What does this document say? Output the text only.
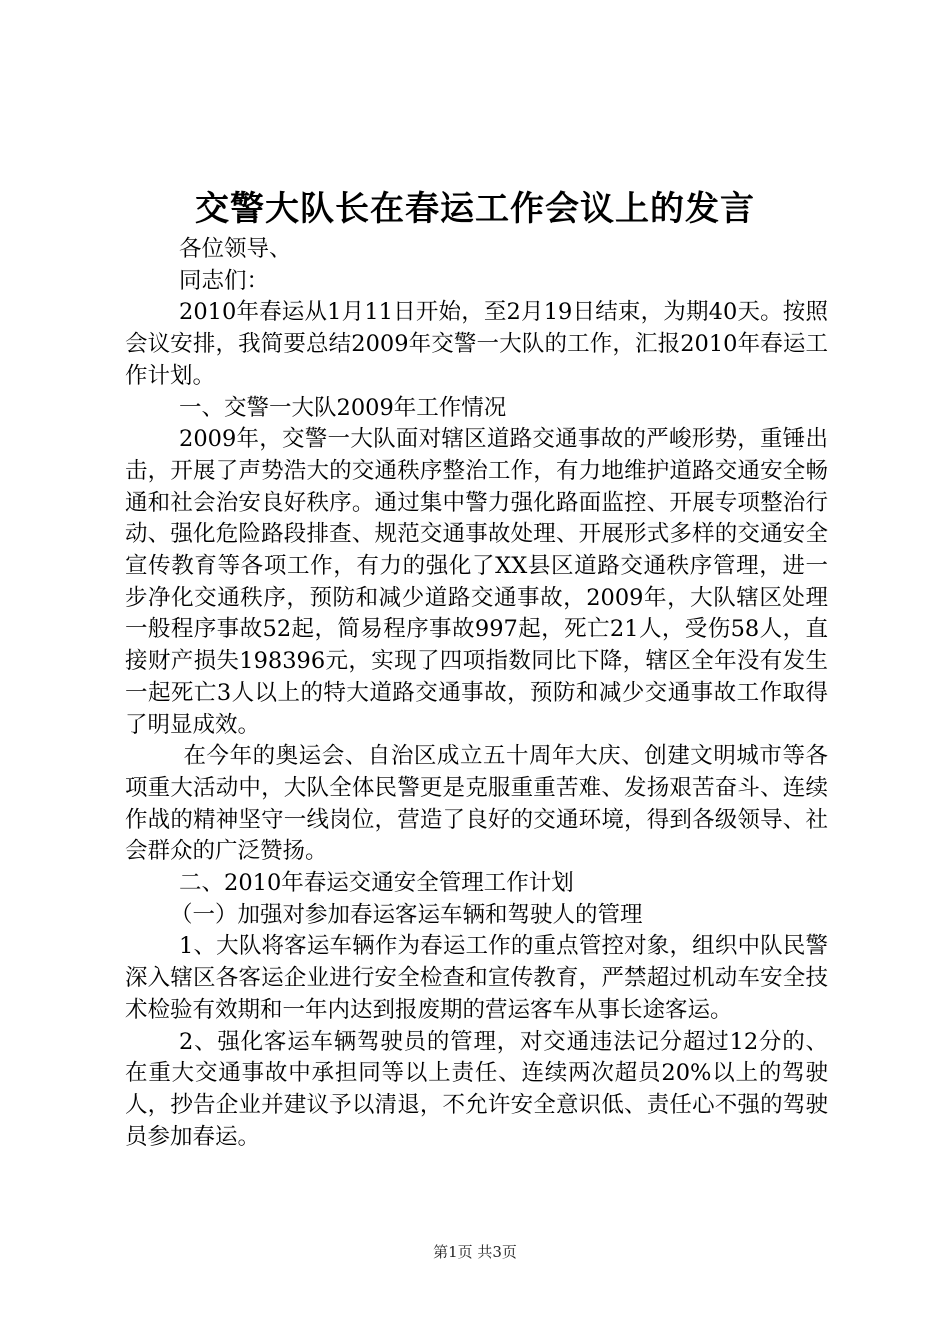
交警大队长在春运工作会议上的发言

各位领导、

同志们：

2010年春运从1月11日开始，至2月19日结束，为期40天。按照会议安排，我简要总结2009年交警一大队的工作，汇报2010年春运工作计划。

一、交警一大队2009年工作情况

2009年，交警一大队面对辖区道路交通事故的严峻形势，重锤出击，开展了声势浩大的交通秩序整治工作，有力地维护道路交通安全畅通和社会治安良好秩序。通过集中警力强化路面监控、开展专项整治行动、强化危险路段排查、规范交通事故处理、开展形式多样的交通安全宣传教育等各项工作，有力的强化了XX县区道路交通秩序管理，进一步净化交通秩序，预防和减少道路交通事故，2009年，大队辖区处理一般程序事故52起，简易程序事故997起，死亡21人，受伤58人，直接财产损失198396元，实现了四项指数同比下降，辖区全年没有发生一起死亡3人以上的特大道路交通事故，预防和减少交通事故工作取得了明显成效。

在今年的奥运会、自治区成立五十周年大庆、创建文明城市等各项重大活动中，大队全体民警更是克服重重苦难、发扬艰苦奋斗、连续作战的精神坚守一线岗位，营造了良好的交通环境，得到各级领导、社会群众的广泛赞扬。

二、2010年春运交通安全管理工作计划

（一）加强对参加春运客运车辆和驾驶人的管理

1、大队将客运车辆作为春运工作的重点管控对象，组织中队民警深入辖区各客运企业进行安全检查和宣传教育，严禁超过机动车安全技术检验有效期和一年内达到报废期的营运客车从事长途客运。

2、强化客运车辆驾驶员的管理，对交通违法记分超过12分的、在重大交通事故中承担同等以上责任、连续两次超员20%以上的驾驶人，抄告企业并建议予以清退，不允许安全意识低、责任心不强的驾驶员参加春运。

第1页 共3页
